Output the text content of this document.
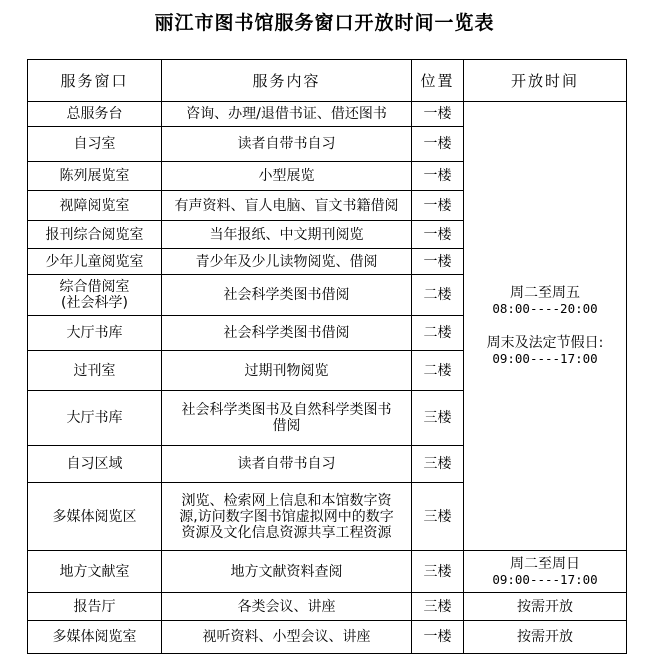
丽江市图书馆服务窗口开放时间一览表
服务窗口	服务内容	位置	开放时间
总服务台	咨询、办理/退借书证、借还图书	一楼	周二至周五
08:00----20:00
周末及法定节假日:
09:00----17:00

自习室	读者自带书自习	一楼	
陈列展览室	小型展览	一楼	
视障阅览室	有声资料、盲人电脑、盲文书籍借阅	一楼	
报刊综合阅览室	当年报纸、中文期刊阅览	一楼	
少年儿童阅览室	青少年及少儿读物阅览、借阅	一楼	

综合借阅室
(社会科学)	社会科学类图书借阅	二楼	
大厅书库	社会科学类图书借阅	二楼	
过刊室	过期刊物阅览	二楼	
大厅书库	社会科学类图书及自然科学类图书
借阅	三楼	
自习区域	读者自带书自习	三楼	
多媒体阅览区	浏览、检索网上信息和本馆数字资
源,访问数字图书馆虚拟网中的数字
资源及文化信息资源共享工程资源	三楼	
地方文献室	地方文献资料查阅	三楼	周二至周日
09:00----17:00

报告厅	各类会议、讲座	三楼	按需开放
多媒体阅览室	视听资料、小型会议、讲座	一楼	按需开放
